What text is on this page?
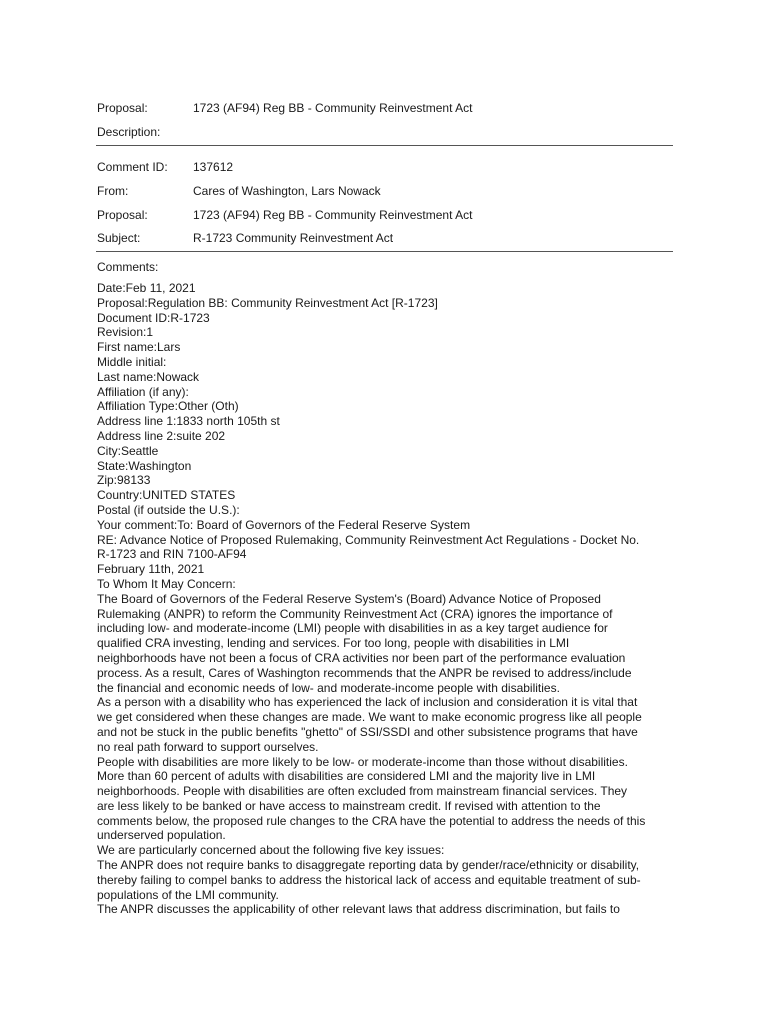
Proposal:	1723 (AF94) Reg BB - Community Reinvestment Act
Description:
Comment ID: 137612
From:	Cares of Washington, Lars Nowack
Proposal:	1723 (AF94) Reg BB - Community Reinvestment Act
Subject:	R-1723 Community Reinvestment Act
Comments:
Date:Feb 11, 2021
Proposal:Regulation BB: Community Reinvestment Act [R-1723]
Document ID:R-1723
Revision:1
First name:Lars
Middle initial:
Last name:Nowack
Affiliation (if any):
Affiliation Type:Other (Oth)
Address line 1:1833 north 105th st
Address line 2:suite 202
City:Seattle
State:Washington
Zip:98133
Country:UNITED STATES
Postal (if outside the U.S.):
Your comment:To: Board of Governors of the Federal Reserve System
RE: Advance Notice of Proposed Rulemaking, Community Reinvestment Act Regulations - Docket No.
R-1723 and RIN 7100-AF94
February 11th, 2021
To Whom It May Concern:
The Board of Governors of the Federal Reserve System's (Board) Advance Notice of Proposed
Rulemaking (ANPR) to reform the Community Reinvestment Act (CRA) ignores the importance of
including low- and moderate-income (LMI) people with disabilities in as a key target audience for
qualified CRA investing, lending and services. For too long, people with disabilities in LMI
neighborhoods have not been a focus of CRA activities nor been part of the performance evaluation
process. As a result, Cares of Washington recommends that the ANPR be revised to address/include
the financial and economic needs of low- and moderate-income people with disabilities.
As a person with a disability who has experienced the lack of inclusion and consideration it is vital that
we get considered when these changes are made. We want to make economic progress like all people
and not be stuck in the public benefits "ghetto" of SSI/SSDI and other subsistence programs that have
no real path forward to support ourselves.
People with disabilities are more likely to be low- or moderate-income than those without disabilities.
More than 60 percent of adults with disabilities are considered LMI and the majority live in LMI
neighborhoods. People with disabilities are often excluded from mainstream financial services. They
are less likely to be banked or have access to mainstream credit. If revised with attention to the
comments below, the proposed rule changes to the CRA have the potential to address the needs of this
underserved population.
We are particularly concerned about the following five key issues:
The ANPR does not require banks to disaggregate reporting data by gender/race/ethnicity or disability,
thereby failing to compel banks to address the historical lack of access and equitable treatment of sub-
populations of the LMI community.
The ANPR discusses the applicability of other relevant laws that address discrimination, but fails to
